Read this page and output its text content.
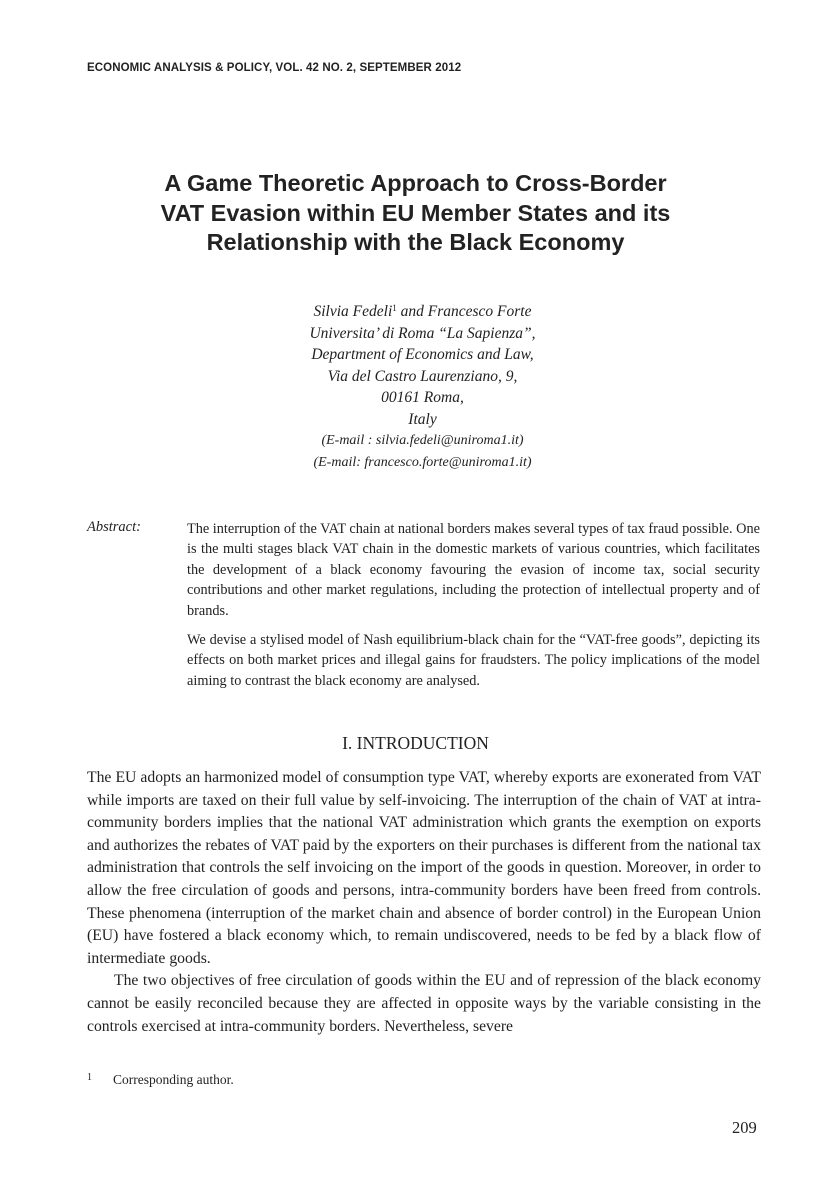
ECONOMIC ANALYSIS & POLICY, VOL. 42 NO. 2, SEPTEMBER 2012
A Game Theoretic Approach to Cross-Border
VAT Evasion within EU Member States and its
Relationship with the Black Economy
Silvia Fedeli$^1$ and Francesco Forte
Universita’ di Roma “La Sapienza”,
Department of Economics and Law,
Via del Castro Laurenziano, 9,
00161 Roma,
Italy
(E-mail : silvia.fedeli@uniroma1.it)
(E-mail: francesco.forte@uniroma1.it)
Abstract:	The interruption of the VAT chain at national borders makes several types of tax fraud possible. One is the multi stages black VAT chain in the domestic markets of various countries, which facilitates the development of a black economy favouring the evasion of income tax, social security contributions and other market regulations, including the protection of intellectual property and of brands.

We devise a stylised model of Nash equilibrium-black chain for the “VAT-free goods”, depicting its effects on both market prices and illegal gains for fraudsters. The policy implications of the model aiming to contrast the black economy are analysed.

I. INTRODUCTION

The EU adopts an harmonized model of consumption type VAT, whereby exports are exonerated from VAT while imports are taxed on their full value by self-invoicing. The interruption of the chain of VAT at intra-community borders implies that the national VAT administration which grants the exemption on exports and authorizes the rebates of VAT paid by the exporters on their purchases is different from the national tax administration that controls the self invoicing on the import of the goods in question. Moreover, in order to allow the free circulation of goods and persons, intra-community borders have been freed from controls. These phenomena (interruption of the market chain and absence of border control) in the European Union (EU) have fostered a black economy which, to remain undiscovered, needs to be fed by a black flow of intermediate goods.

The two objectives of free circulation of goods within the EU and of repression of the black economy cannot be easily reconciled because they are affected in opposite ways by the variable consisting in the controls exercised at intra-community borders. Nevertheless, severe

1 Corresponding author.
209
